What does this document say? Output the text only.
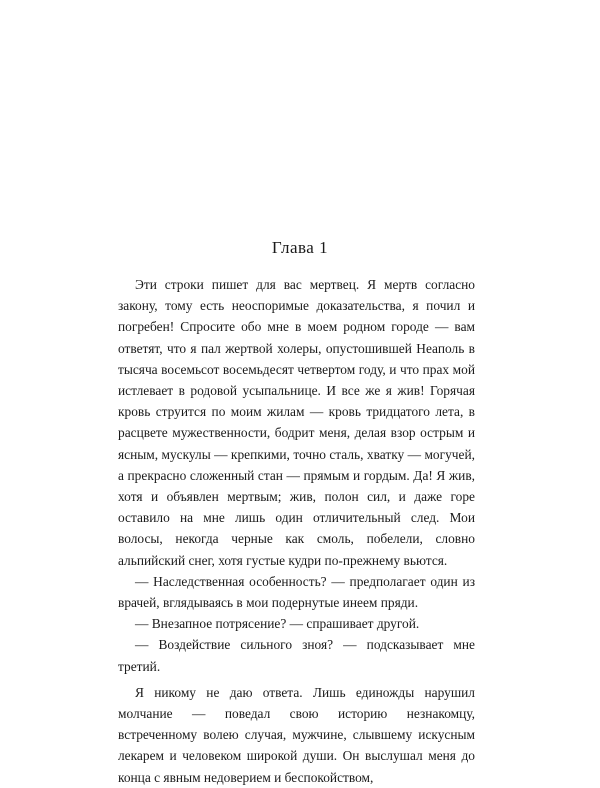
Глава 1

Эти строки пишет для вас мертвец. Я мертв согласно закону, тому есть неоспоримые доказательства, я почил и погребен! Спросите обо мне в моем родном городе — вам ответят, что я пал жертвой холеры, опустошившей Неаполь в тысяча восемьсот восемьдесят четвертом году, и что прах мой истлевает в родовой усыпальнице. И все же я жив! Горячая кровь струится по моим жилам — кровь тридцатого лета, в расцвете мужественности, бодрит меня, делая взор острым и ясным, мускулы — крепкими, точно сталь, хватку — могучей, а прекрасно сложенный стан — прямым и гордым. Да! Я жив, хотя и объявлен мертвым; жив, полон сил, и даже горе оставило на мне лишь один отличительный след. Мои волосы, некогда черные как смоль, побелели, словно альпийский снег, хотя густые кудри по-прежнему вьются.

— Наследственная особенность? — предполагает один из врачей, вглядываясь в мои подернутые инеем пряди.

— Внезапное потрясение? — спрашивает другой.

— Воздействие сильного зноя? — подсказывает мне третий.

Я никому не даю ответа. Лишь единожды нарушил молчание — поведал свою историю незнакомцу, встреченному волею случая, мужчине, слывшему искусным лекарем и человеком широкой души. Он выслушал меня до конца с явным недоверием и беспокойством,
